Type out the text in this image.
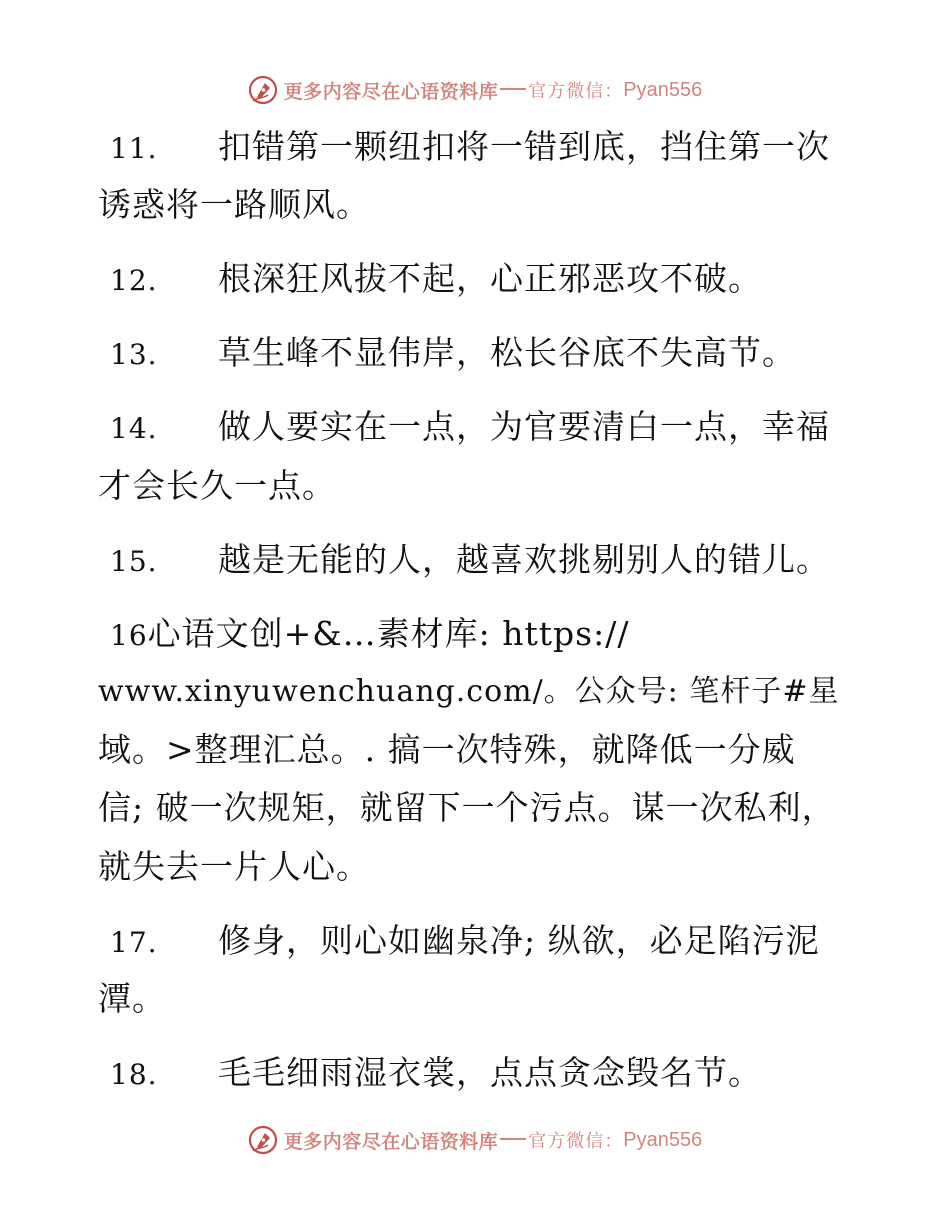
更多内容尽在心语资料库 官方微信： Pyan556
11. 扣错第一颗纽扣将一错到底，挡住第一次
诱惑将一路顺风。
12. 根深狂风拔不起，心正邪恶攻不破。
13. 草生峰不显伟岸，松长谷底不失高节。
14. 做人要实在一点，为官要清白一点，幸福
才会长久一点。
15. 越是无能的人，越喜欢挑剔别人的错儿。
16心语文创+&…素材库: https://
www.xinyuwenchuang.com/。公众号: 笔杆子#星
域。>整理汇总。. 搞一次特殊，就降低一分威
信; 破一次规矩，就留下一个污点。谋一次私利，
就失去一片人心。
17. 修身，则心如幽泉净; 纵欲，必足陷污泥
潭。
18. 毛毛细雨湿衣裳，点点贪念毁名节。
更多内容尽在心语资料库 官方微信： Pyan556
